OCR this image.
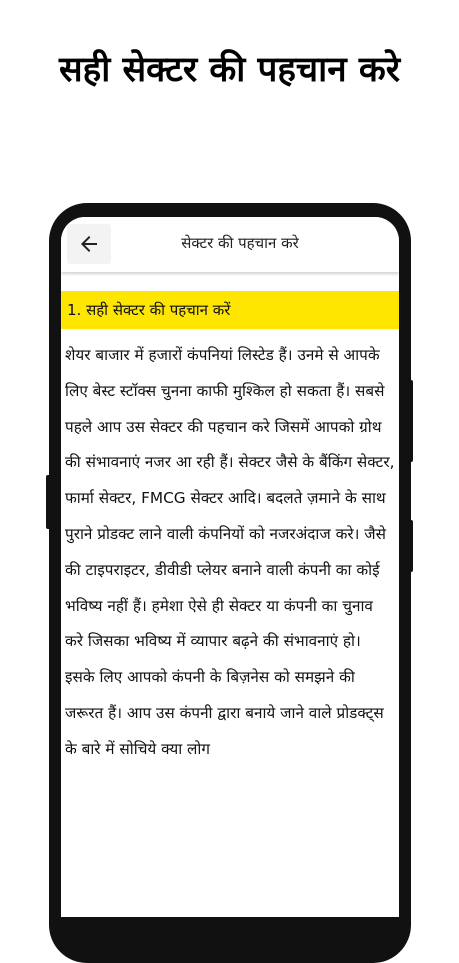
सही सेक्टर की पहचान करे
सेक्टर की पहचान करे
1. सही सेक्टर की पहचान करें
शेयर बाजार में हजारों कंपनियां लिस्टेड हैं। उनमे से आपके लिए बेस्ट स्टॉक्स चुनना काफी मुश्किल हो सकता हैं। सबसे पहले आप उस सेक्टर की पहचान करे जिसमें आपको ग्रोथ की संभावनाएं नजर आ रही हैं। सेक्टर जैसे के बैंकिंग सेक्टर, फार्मा सेक्टर, FMCG सेक्टर आदि। बदलते ज़माने के साथ पुराने प्रोडक्ट लाने वाली कंपनियों को नजरअंदाज करे। जैसे की टाइपराइटर, डीवीडी प्लेयर बनाने वाली कंपनी का कोई भविष्य नहीं हैं। हमेशा ऐसे ही सेक्टर या कंपनी का चुनाव करे जिसका भविष्य में व्यापार बढ़ने की संभावनाएं हो। इसके लिए आपको कंपनी के बिज़नेस को समझने की जरूरत हैं। आप उस कंपनी द्वारा बनाये जाने वाले प्रोडक्ट्स के बारे में सोचिये क्या लोग
